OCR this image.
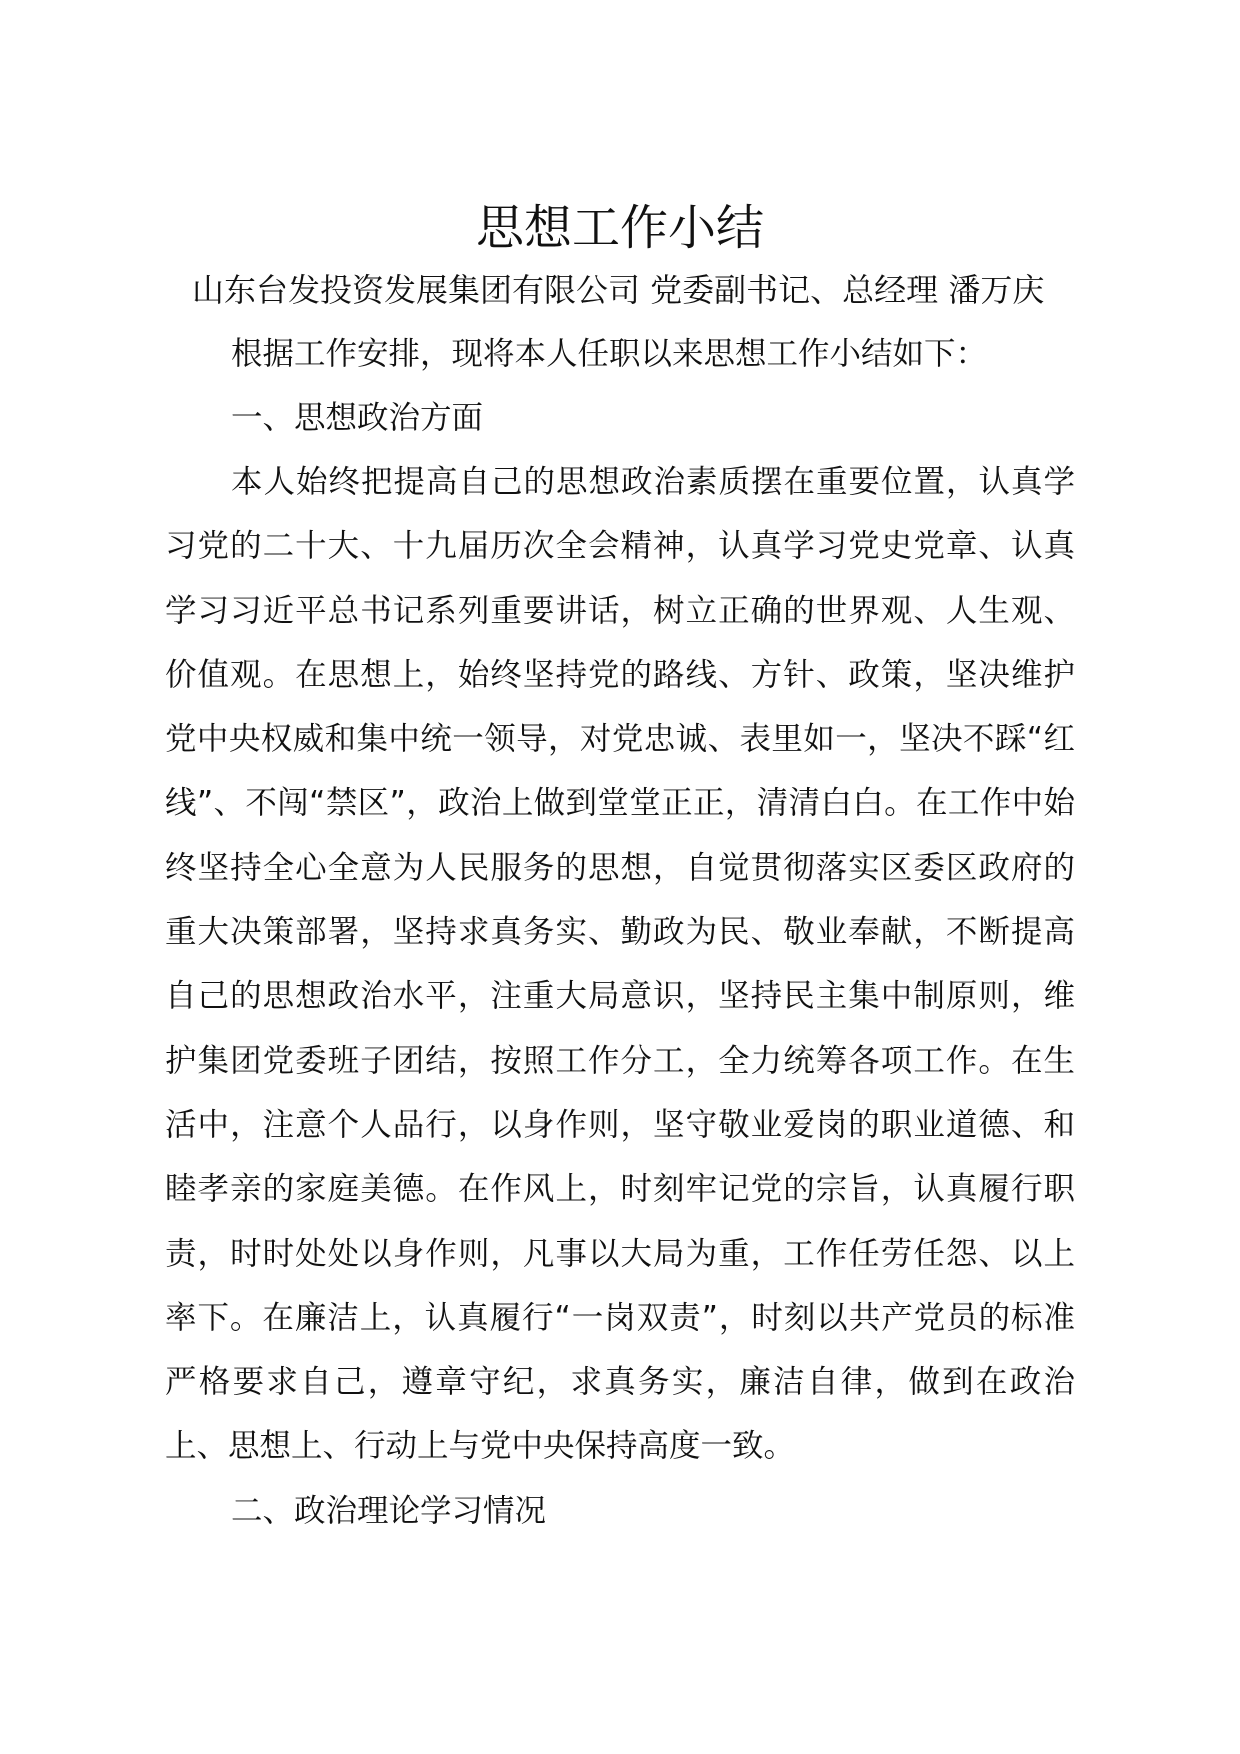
思想工作小结

山东台发投资发展集团有限公司 党委副书记、总经理 潘万庆

根据工作安排，现将本人任职以来思想工作小结如下：

一、思想政治方面

本人始终把提高自己的思想政治素质摆在重要位置，认真学习党的二十大、十九届历次全会精神，认真学习党史党章、认真学习习近平总书记系列重要讲话，树立正确的世界观、人生观、价值观。在思想上，始终坚持党的路线、方针、政策，坚决维护党中央权威和集中统一领导，对党忠诚、表里如一，坚决不踩“红线”、不闯“禁区”，政治上做到堂堂正正，清清白白。在工作中始终坚持全心全意为人民服务的思想，自觉贯彻落实区委区政府的重大决策部署，坚持求真务实、勤政为民、敬业奉献，不断提高自己的思想政治水平，注重大局意识，坚持民主集中制原则，维护集团党委班子团结，按照工作分工，全力统筹各项工作。在生活中，注意个人品行，以身作则，坚守敬业爱岗的职业道德、和睦孝亲的家庭美德。在作风上，时刻牢记党的宗旨，认真履行职责，时时处处以身作则，凡事以大局为重，工作任劳任怨、以上率下。在廉洁上，认真履行“一岗双责”，时刻以共产党员的标准严格要求自己，遵章守纪，求真务实，廉洁自律，做到在政治上、思想上、行动上与党中央保持高度一致。

二、政治理论学习情况
